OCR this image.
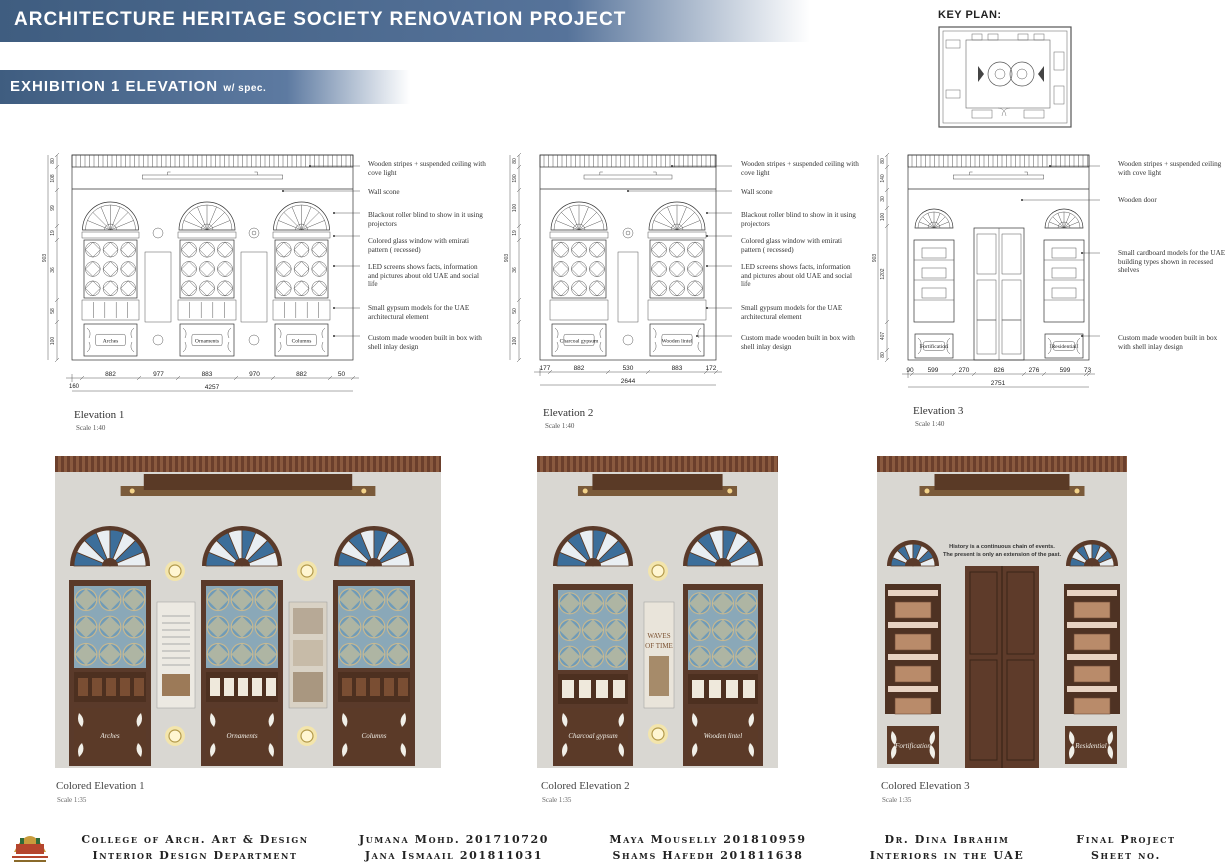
ARCHITECTURE HERITAGE SOCIETY RENOVATION PROJECT
EXHIBITION 1 ELEVATION w/ spec.
KEY PLAN:
Arches	Ornaments	Columns
80
108
99
19
36
58
100
903
882	977	883	970	882	50
4257
160
Charcoal gypsum	Wooden lintel
80
190
100
19
36
50
100
903
177	882	530	883	172
2644
Fortification	Residential
80
140
30
100
1202
407
80
903
90 599	270	826	276	599 73
2751
Elevation 1
Scale 1:40
Elevation 2
Scale 1:40
Elevation 3
Scale 1:40
Wooden stripes + suspended ceiling with cove light
Wall scone
Blackout roller blind to show in it using projectors
Colored glass window with emirati pattern ( recessed)
LED screens shows facts, information and pictures about old UAE and social life
Small gypsum models for the UAE architectural element
Custom made wooden built in box with shell inlay design
Wooden stripes + suspended ceiling with cove light
Wall scone
Blackout roller blind to show in it using projectors
Colored glass window with emirati pattern ( recessed)
LED screens shows facts, information and pictures about old UAE and social life
Small gypsum models for the UAE architectural element
Custom made wooden built in box with shell inlay design
Wooden stripes + suspended ceiling with cove light
Wooden door
Small cardboard models for the UAE building types shown in recessed shelves
Custom made wooden built in box with shell inlay design
Arches	Ornaments	Columns	Charcoal gypsum	Wooden lintel
WAVES
OF TIME
Fortification	Residential
History is a continuous chain of events.
The present is only an extension of the past.
Colored Elevation 1
Scale 1:35
Colored Elevation 2
Scale 1:35
Colored Elevation 3
Scale 1:35
College of Arch. Art & Design
Interior Design Department
Jumana Mohd. 201710720
Jana Ismaail 201811031
Maya Mouselly 201810959
Shams Hafedh 201811638
Dr. Dina Ibrahim
Interiors in the UAE
Final Project
Sheet no.
